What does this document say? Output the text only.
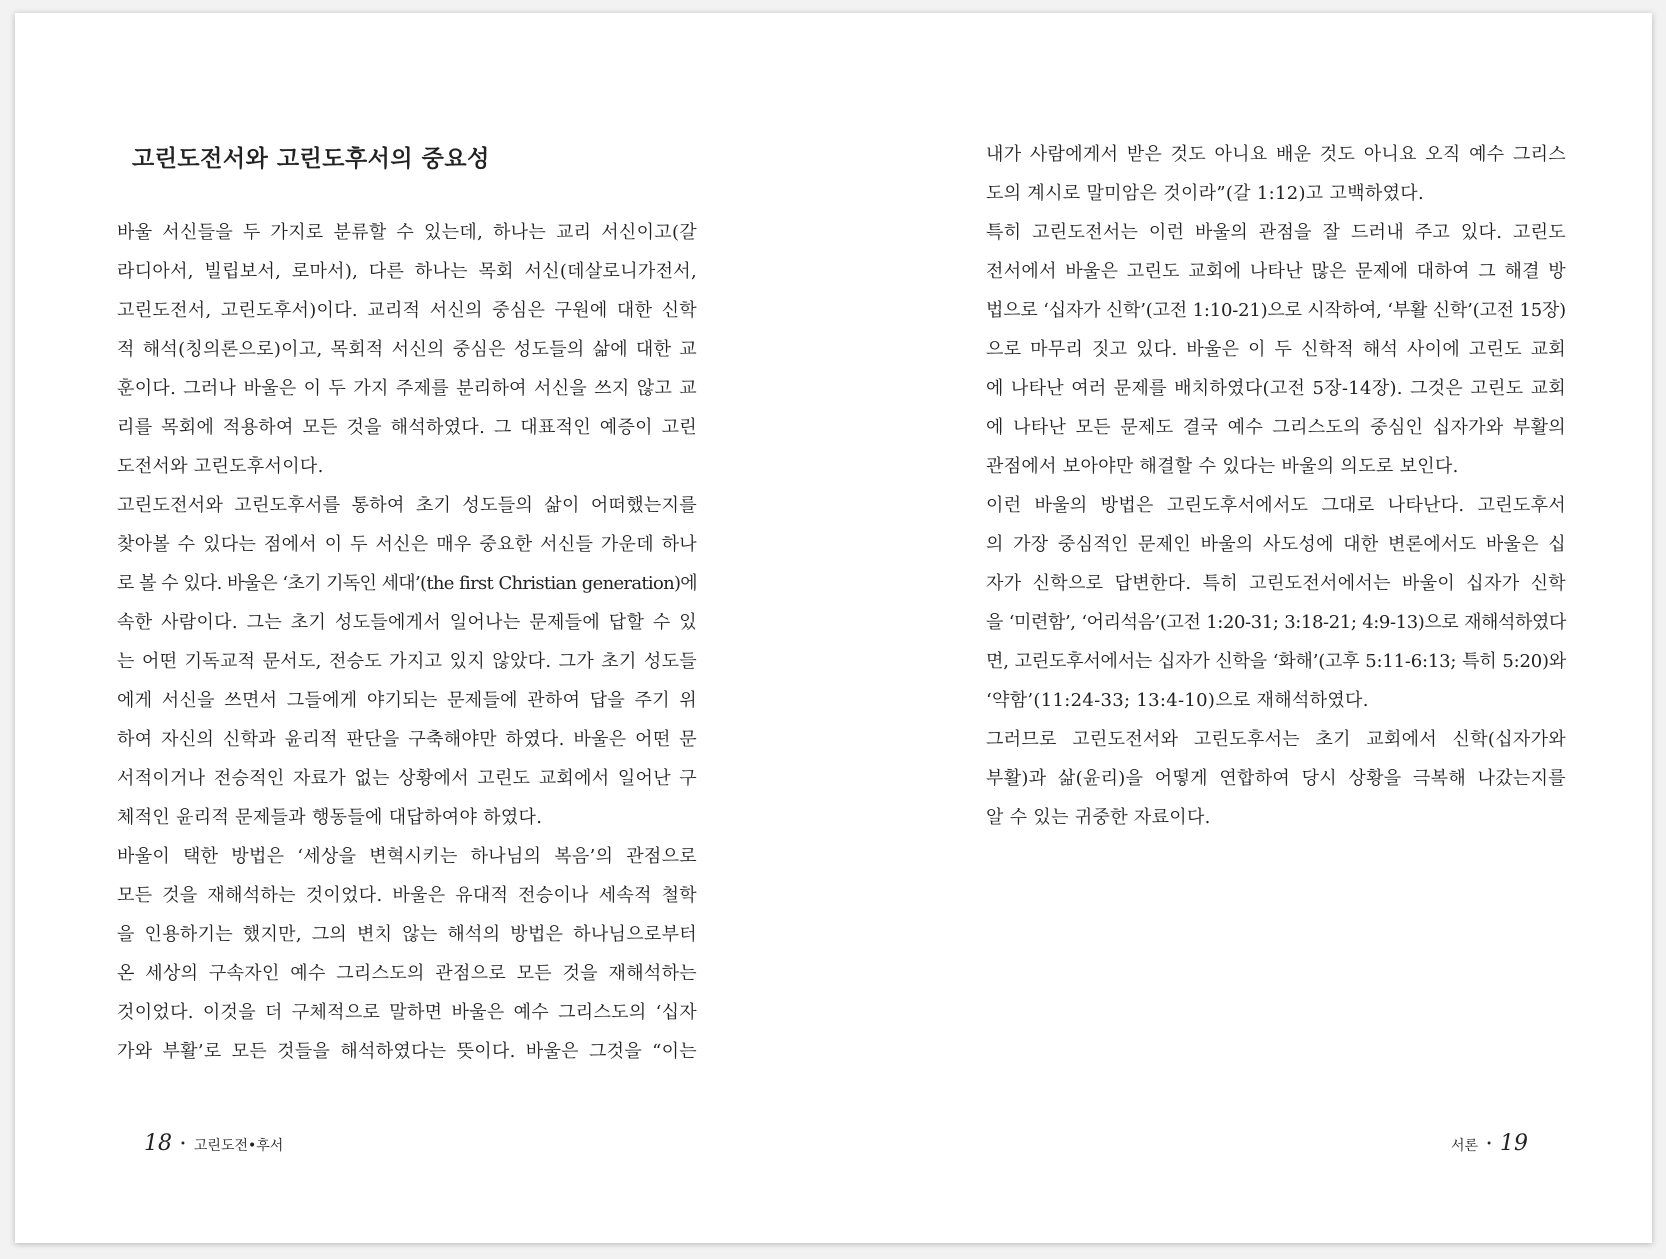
고린도전서와 고린도후서의 중요성
바울 서신들을 두 가지로 분류할 수 있는데, 하나는 교리 서신이고(갈
라디아서, 빌립보서, 로마서), 다른 하나는 목회 서신(데살로니가전서,
고린도전서, 고린도후서)이다. 교리적 서신의 중심은 구원에 대한 신학
적 해석(칭의론으로)이고, 목회적 서신의 중심은 성도들의 삶에 대한 교
훈이다. 그러나 바울은 이 두 가지 주제를 분리하여 서신을 쓰지 않고 교
리를 목회에 적용하여 모든 것을 해석하였다. 그 대표적인 예증이 고린
도전서와 고린도후서이다.
고린도전서와 고린도후서를 통하여 초기 성도들의 삶이 어떠했는지를
찾아볼 수 있다는 점에서 이 두 서신은 매우 중요한 서신들 가운데 하나
로 볼 수 있다. 바울은 ‘초기 기독인 세대’(the first Christian generation)에
속한 사람이다. 그는 초기 성도들에게서 일어나는 문제들에 답할 수 있
는 어떤 기독교적 문서도, 전승도 가지고 있지 않았다. 그가 초기 성도들
에게 서신을 쓰면서 그들에게 야기되는 문제들에 관하여 답을 주기 위
하여 자신의 신학과 윤리적 판단을 구축해야만 하였다. 바울은 어떤 문
서적이거나 전승적인 자료가 없는 상황에서 고린도 교회에서 일어난 구
체적인 윤리적 문제들과 행동들에 대답하여야 하였다.
바울이 택한 방법은 ‘세상을 변혁시키는 하나님의 복음’의 관점으로
모든 것을 재해석하는 것이었다. 바울은 유대적 전승이나 세속적 철학
을 인용하기는 했지만, 그의 변치 않는 해석의 방법은 하나님으로부터
온 세상의 구속자인 예수 그리스도의 관점으로 모든 것을 재해석하는
것이었다. 이것을 더 구체적으로 말하면 바울은 예수 그리스도의 ‘십자
가와 부활’로 모든 것들을 해석하였다는 뜻이다. 바울은 그것을 “이는
18 • 고린도전•후서
내가 사람에게서 받은 것도 아니요 배운 것도 아니요 오직 예수 그리스
도의 계시로 말미암은 것이라”(갈 1:12)고 고백하였다.
특히 고린도전서는 이런 바울의 관점을 잘 드러내 주고 있다. 고린도
전서에서 바울은 고린도 교회에 나타난 많은 문제에 대하여 그 해결 방
법으로 ‘십자가 신학’(고전 1:10-21)으로 시작하여, ‘부활 신학’(고전 15장)
으로 마무리 짓고 있다. 바울은 이 두 신학적 해석 사이에 고린도 교회
에 나타난 여러 문제를 배치하였다(고전 5장-14장). 그것은 고린도 교회
에 나타난 모든 문제도 결국 예수 그리스도의 중심인 십자가와 부활의
관점에서 보아야만 해결할 수 있다는 바울의 의도로 보인다.
이런 바울의 방법은 고린도후서에서도 그대로 나타난다. 고린도후서
의 가장 중심적인 문제인 바울의 사도성에 대한 변론에서도 바울은 십
자가 신학으로 답변한다. 특히 고린도전서에서는 바울이 십자가 신학
을 ‘미련함’, ‘어리석음’(고전 1:20-31; 3:18-21; 4:9-13)으로 재해석하였다
면, 고린도후서에서는 십자가 신학을 ‘화해’(고후 5:11-6:13; 특히 5:20)와
‘약함’(11:24-33; 13:4-10)으로 재해석하였다.
그러므로 고린도전서와 고린도후서는 초기 교회에서 신학(십자가와
부활)과 삶(윤리)을 어떻게 연합하여 당시 상황을 극복해 나갔는지를
알 수 있는 귀중한 자료이다.
서론 • 19
